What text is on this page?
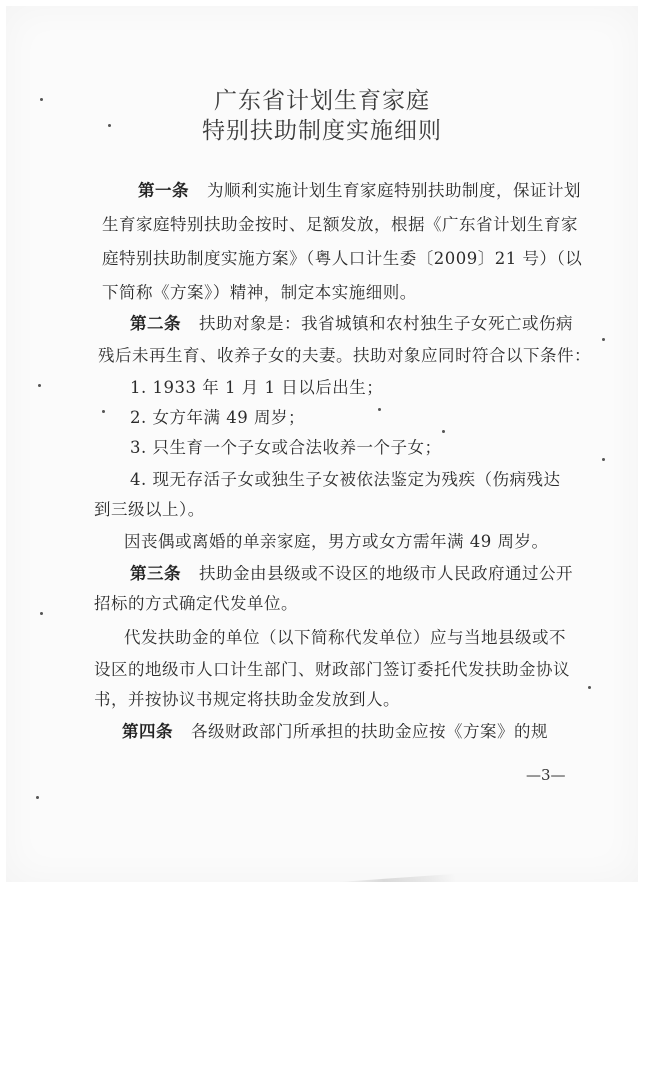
广东省计划生育家庭
特别扶助制度实施细则
第一条 为顺利实施计划生育家庭特别扶助制度，保证计划
生育家庭特别扶助金按时、足额发放，根据《广东省计划生育家
庭特别扶助制度实施方案》（粤人口计生委〔2009〕21 号）（以
下简称《方案》）精神，制定本实施细则。
第二条 扶助对象是：我省城镇和农村独生子女死亡或伤病
残后未再生育、收养子女的夫妻。扶助对象应同时符合以下条件：
1. 1933 年 1 月 1 日以后出生；
2. 女方年满 49 周岁；
3. 只生育一个子女或合法收养一个子女；
4. 现无存活子女或独生子女被依法鉴定为残疾（伤病残达
到三级以上）。
因丧偶或离婚的单亲家庭，男方或女方需年满 49 周岁。
第三条 扶助金由县级或不设区的地级市人民政府通过公开
招标的方式确定代发单位。
代发扶助金的单位（以下简称代发单位）应与当地县级或不
设区的地级市人口计生部门、财政部门签订委托代发扶助金协议
书，并按协议书规定将扶助金发放到人。
第四条 各级财政部门所承担的扶助金应按《方案》的规
—3—
